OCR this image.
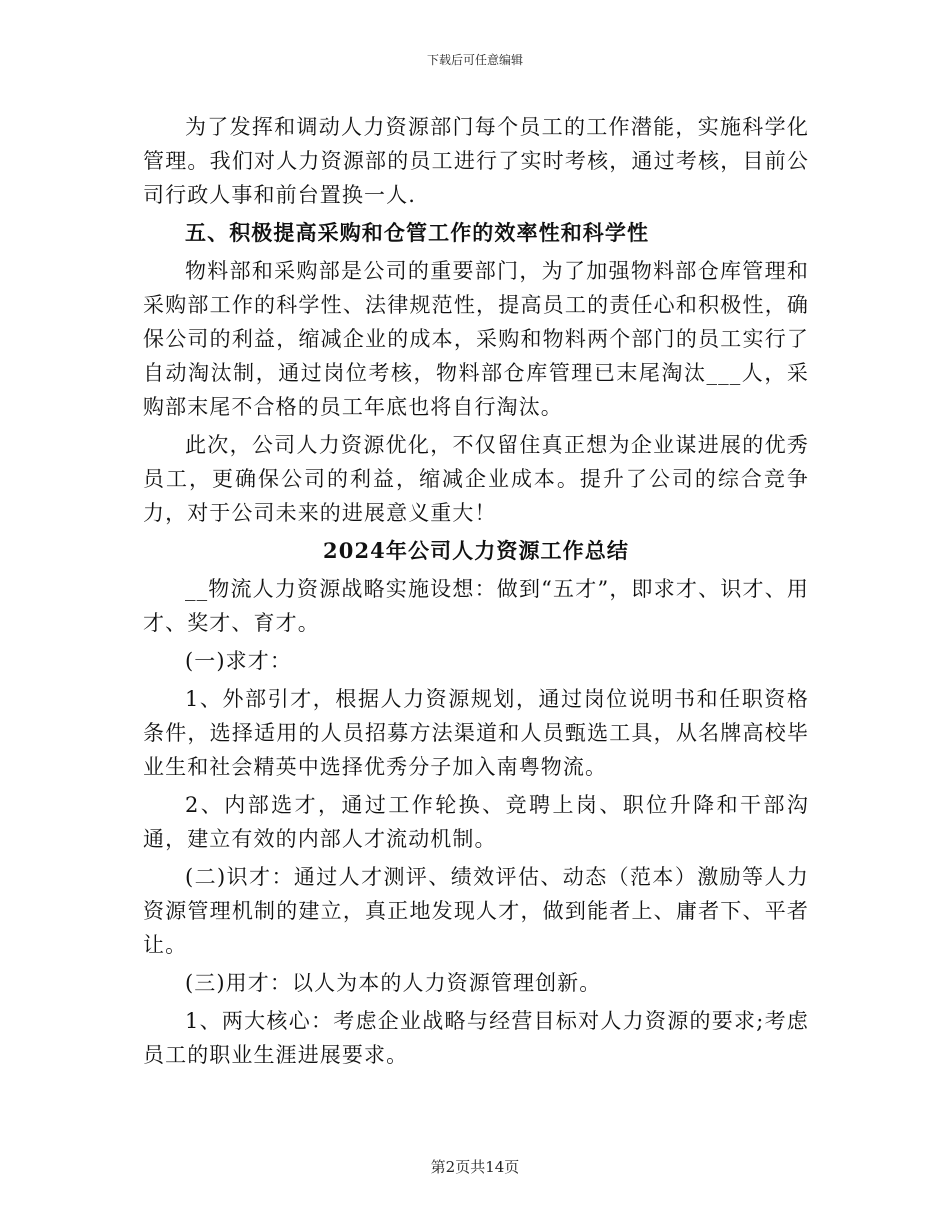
下载后可任意编辑

为了发挥和调动人力资源部门每个员工的工作潜能，实施科学化管理。我们对人力资源部的员工进行了实时考核，通过考核，目前公司行政人事和前台置换一人.

五、积极提高采购和仓管工作的效率性和科学性

物料部和采购部是公司的重要部门，为了加强物料部仓库管理和采购部工作的科学性、法律规范性，提高员工的责任心和积极性，确保公司的利益，缩减企业的成本，采购和物料两个部门的员工实行了自动淘汰制，通过岗位考核，物料部仓库管理已末尾淘汰___人，采购部末尾不合格的员工年底也将自行淘汰。

此次，公司人力资源优化，不仅留住真正想为企业谋进展的优秀员工，更确保公司的利益，缩减企业成本。提升了公司的综合竞争力，对于公司未来的进展意义重大！

2024年公司人力资源工作总结

__物流人力资源战略实施设想：做到“五才”，即求才、识才、用才、奖才、育才。

(一)求才：

1、外部引才，根据人力资源规划，通过岗位说明书和任职资格条件，选择适用的人员招募方法渠道和人员甄选工具，从名牌高校毕业生和社会精英中选择优秀分子加入南粤物流。

2、内部选才，通过工作轮换、竞聘上岗、职位升降和干部沟通，建立有效的内部人才流动机制。

(二)识才：通过人才测评、绩效评估、动态（范本）激励等人力资源管理机制的建立，真正地发现人才，做到能者上、庸者下、平者让。

(三)用才：以人为本的人力资源管理创新。

1、两大核心：考虑企业战略与经营目标对人力资源的要求;考虑员工的职业生涯进展要求。

第2页共14页
